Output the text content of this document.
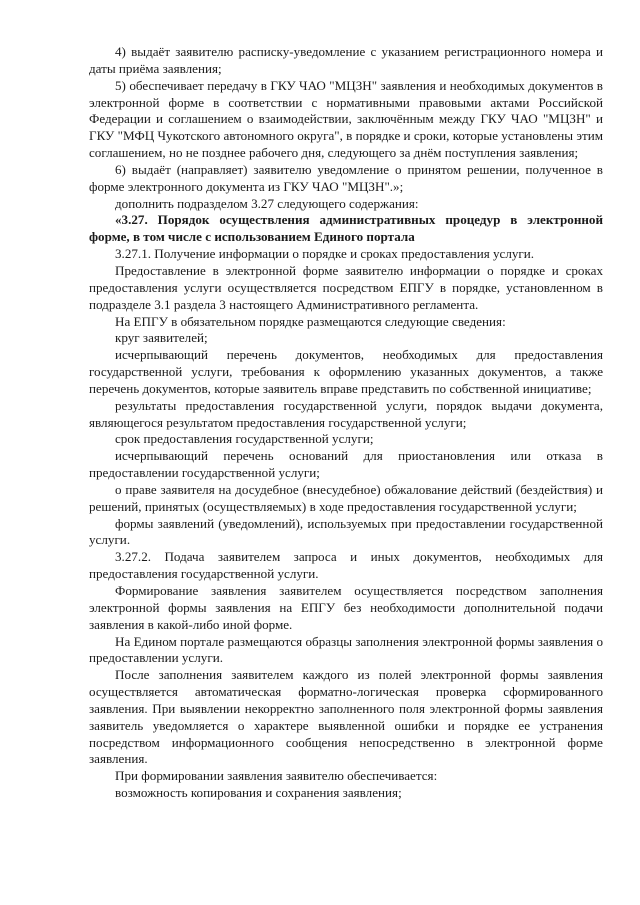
4) выдаёт заявителю расписку-уведомление с указанием регистрационного номера и даты приёма заявления;

5) обеспечивает передачу в ГКУ ЧАО "МЦЗН" заявления и необходимых документов в электронной форме в соответствии с нормативными правовыми актами Российской Федерации и соглашением о взаимодействии, заключённым между ГКУ ЧАО "МЦЗН" и ГКУ "МФЦ Чукотского автономного округа", в порядке и сроки, которые установлены этим соглашением, но не позднее рабочего дня, следующего за днём поступления заявления;

6) выдаёт (направляет) заявителю уведомление о принятом решении, полученное в форме электронного документа из ГКУ ЧАО "МЦЗН".»;

дополнить подразделом 3.27 следующего содержания:

«3.27. Порядок осуществления административных процедур в электронной форме, в том числе с использованием Единого портала

3.27.1. Получение информации о порядке и сроках предоставления услуги.

Предоставление в электронной форме заявителю информации о порядке и сроках предоставления услуги осуществляется посредством ЕПГУ в порядке, установленном в подразделе 3.1 раздела 3 настоящего Административного регламента.

На ЕПГУ в обязательном порядке размещаются следующие сведения:

круг заявителей;

исчерпывающий перечень документов, необходимых для предоставления государственной услуги, требования к оформлению указанных документов, а также перечень документов, которые заявитель вправе представить по собственной инициативе;

результаты предоставления государственной услуги, порядок выдачи документа, являющегося результатом предоставления государственной услуги;

срок предоставления государственной услуги;

исчерпывающий перечень оснований для приостановления или отказа в предоставлении государственной услуги;

о праве заявителя на досудебное (внесудебное) обжалование действий (бездействия) и решений, принятых (осуществляемых) в ходе предоставления государственной услуги;

формы заявлений (уведомлений), используемых при предоставлении государственной услуги.

3.27.2. Подача заявителем запроса и иных документов, необходимых для предоставления государственной услуги.

Формирование заявления заявителем осуществляется посредством заполнения электронной формы заявления на ЕПГУ без необходимости дополнительной подачи заявления в какой-либо иной форме.

На Едином портале размещаются образцы заполнения электронной формы заявления о предоставлении услуги.

После заполнения заявителем каждого из полей электронной формы заявления осуществляется автоматическая форматно-логическая проверка сформированного заявления. При выявлении некорректно заполненного поля электронной формы заявления заявитель уведомляется о характере выявленной ошибки и порядке ее устранения посредством информационного сообщения непосредственно в электронной форме заявления.

При формировании заявления заявителю обеспечивается:

возможность копирования и сохранения заявления;
